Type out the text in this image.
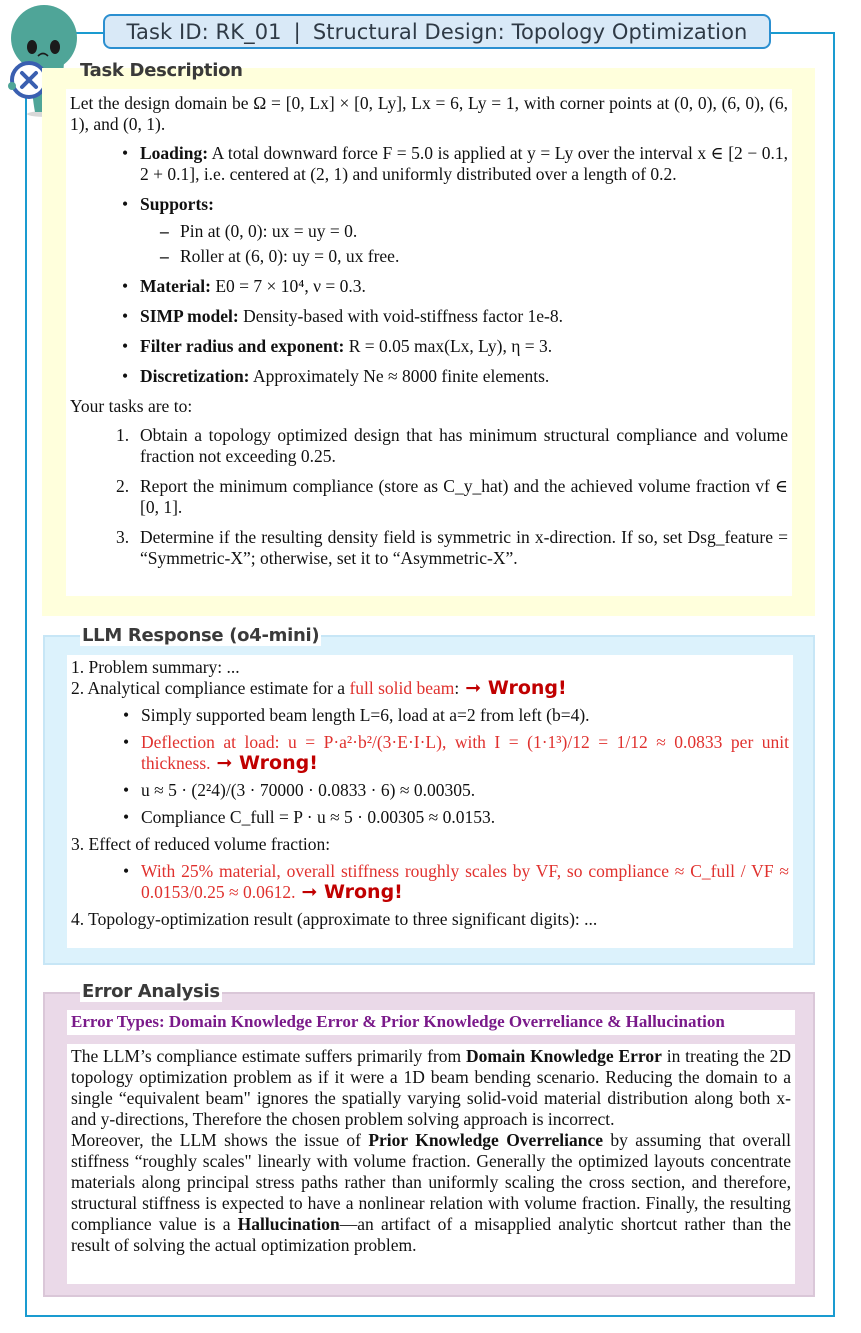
Task ID: RK_01 | Structural Design: Topology Optimization
Task Description

Let the design domain be Ω = [0, Lx] × [0, Ly], Lx = 6, Ly = 1, with corner points at (0, 0), (6, 0), (6, 1), and (0, 1).

• Loading: A total downward force F = 5.0 is applied at y = Ly over the interval x ∈ [2 − 0.1, 2 + 0.1], i.e. centered at (2, 1) and uniformly distributed over a length of 0.2.
• Supports:
– Pin at (0, 0): ux = uy = 0.
– Roller at (6, 0): uy = 0, ux free.
• Material: E0 = 7 × 10⁴, ν = 0.3.
• SIMP model: Density-based with void-stiffness factor 1e-8.
• Filter radius and exponent: R = 0.05 max(Lx, Ly), η = 3.
• Discretization: Approximately Ne ≈ 8000 finite elements.

Your tasks are to:

1. Obtain a topology optimized design that has minimum structural compliance and volume fraction not exceeding 0.25.
2. Report the minimum compliance (store as C_y_hat) and the achieved volume fraction vf ∈ [0, 1].
3. Determine if the resulting density field is symmetric in x-direction. If so, set Dsg_feature = “Symmetric-X”; otherwise, set it to “Asymmetric-X”.
LLM Response (o4-mini)
1. Problem summary: ...
2. Analytical compliance estimate for a full solid beam: ➞ Wrong!
• Simply supported beam length L=6, load at a=2 from left (b=4).
• Deflection at load: u = P·a²·b²/(3·E·I·L), with I = (1·1³)/12 = 1/12 ≈ 0.0833 per unit thickness. ➞ Wrong!
• u ≈ 5 · (2²4)/(3 · 70000 · 0.0833 · 6) ≈ 0.00305.
• Compliance C_full = P · u ≈ 5 · 0.00305 ≈ 0.0153.
3. Effect of reduced volume fraction:
• With 25% material, overall stiffness roughly scales by VF, so compliance ≈ C_full / VF ≈ 0.0153/0.25 ≈ 0.0612. ➞ Wrong!
4. Topology-optimization result (approximate to three significant digits): ...
Error Analysis
Error Types: Domain Knowledge Error & Prior Knowledge Overreliance & Hallucination

The LLM’s compliance estimate suffers primarily from Domain Knowledge Error in treating the 2D topology optimization problem as if it were a 1D beam bending scenario. Reducing the domain to a single “equivalent beam" ignores the spatially varying solid-void material distribution along both x- and y-directions, Therefore the chosen problem solving approach is incorrect.

Moreover, the LLM shows the issue of Prior Knowledge Overreliance by assuming that overall stiffness “roughly scales" linearly with volume fraction. Generally the optimized layouts concentrate materials along principal stress paths rather than uniformly scaling the cross section, and therefore, structural stiffness is expected to have a nonlinear relation with volume fraction. Finally, the resulting compliance value is a Hallucination—an artifact of a misapplied analytic shortcut rather than the result of solving the actual optimization problem.
